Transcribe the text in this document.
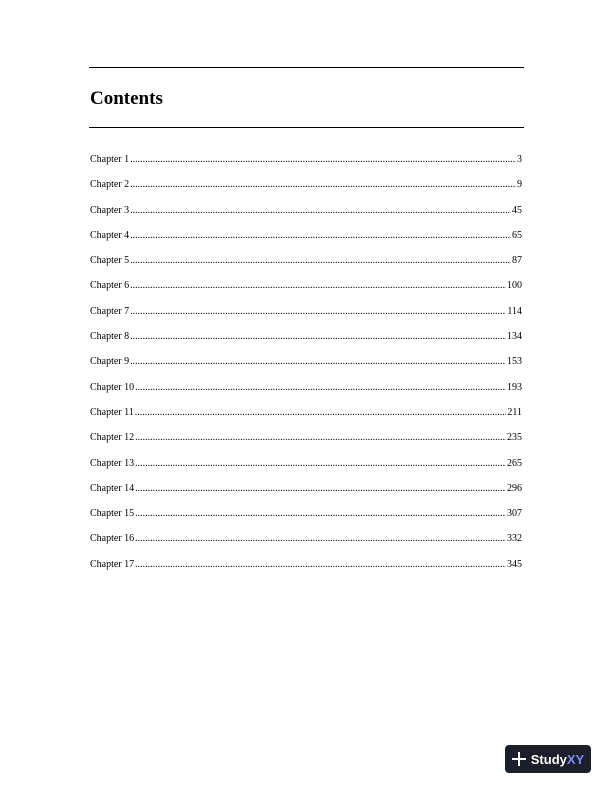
Contents
Chapter 1 .....	3
Chapter 2 .....	9
Chapter 3 .....	45
Chapter 4 .....	65
Chapter 5 .....	87
Chapter 6 .....	100
Chapter 7 .....	114
Chapter 8 .....	134
Chapter 9 .....	153
Chapter 10 .....	193
Chapter 11 .....	211
Chapter 12 .....	235
Chapter 13 .....	265
Chapter 14 .....	296
Chapter 15 .....	307
Chapter 16 .....	332
Chapter 17 .....	345
StudyXY
